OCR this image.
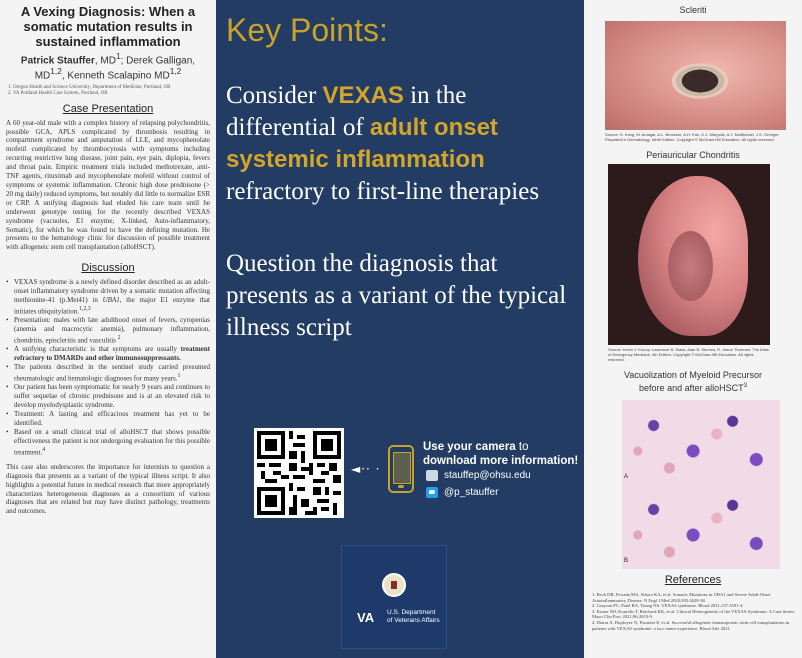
A Vexing Diagnosis: When a somatic mutation results in sustained inflammation
Patrick Stauffer, $MD^1$; Derek Galligan, MD$^{1,2}$, Kenneth Scalapino MD$^{1,2}$
1. Oregon Health and Science University, Department of Medicine, Portland, OR
2. VA Portland Health Care System, Portland, OR
Case Presentation

A 60 year-old male with a complex history of relapsing polychondritis, possible GCA, APLS complicated by thrombosis resulting in compartment syndrome and amputation of LLE, and mycophenolate mofetil complicated by thrombocytosis with symptoms including recurring restrictive lung disease, joint pain, eye pain, diplopia, fevers and throat pain. Empiric treatment trials included methotrexate, anti-TNF agents, rituximab and mycophenolate mofetil without control of symptoms or systemic inflammation. Chronic high dose prednisone (> 20 mg daily) reduced symptoms, but notably did little to normalize ESR or CRP. A unifying diagnosis had eluded his care team until he underwent genotype testing for the recently described VEXAS syndrome (vacuoles, E1 enzyme, X-linked, Auto-inflammatory, Somatic), for which he was found to have the defining mutation. He presents to the hematology clinic for discussion of possible treatment with allogeneic stem cell transplantation (alloHSCT).

Discussion
• VEXAS syndrome is a newly defined disorder described as an adult-onset inflammatory syndrome driven by a somatic mutation affecting methionine-41 (p.Met41) in UBA1, the major E1 enzyme that initiates ubiquitylation.$^{1,2,3}$
• Presentation: males with late adulthood onset of fevers, cytopenias (anemia and macrocytic anemia), pulmonary inflammation, chondritis, episcleritis and vasculitis $^2$
• A unifying characteristic is that symptoms are usually treatment refractory to DMARDs and other immunosuppressants.
• The patients described in the sentinel study carried presumed rheumatologic and hematologic diagnoses for many years.$^1$
• Our patient has been symptomatic for nearly 9 years and continues to suffer sequelae of chronic prednisone and is at an elevated risk to develop myelodysplastic syndrome.
• Treatment: A lasting and efficacious treatment has yet to be identified.
• Based on a small clinical trial of alloHSCT that shows possible effectiveness the patient is not undergoing evaluation for this possible treatment.$^4$

This case also underscores the importance for internists to question a diagnosis that presents as a variant of the typical illness script. It also highlights a potential future in medical research that more appropriately characterizes heterogeneous diagnoses as a consortium of various diagnoses that are related but may have distinct pathology, treatments and outcomes.

Key Points:
Consider VEXAS in the differential of adult onset systemic inflammation refractory to first-line therapies
Question the diagnosis that presents as a variant of the typical illness script
◄·· ·
Use your camera to
download more information!
stauffep@ohsu.edu
@p_stauffer
VA U.S. Department
of Veterans Affairs
Scleriti
Source: S. Kang, M. Amagai, A.L. Bruckner, A.H. Enk, D.J. Margolis, A.J. McMichael, J.S. Orringer: Fitzpatrick's Dermatology, Ninth Edition. Copyright © McGraw-Hill Education. All rights reserved.
Periauricular Chondritis
Source: Kevin J. Knoop, Lawrence B. Stack, Alan B. Storrow, R. Jason Thurman: The Atlas of Emergency Medicine, 4th Edition. Copyright © McGraw-Hill Education. All rights reserved.
Vacuolization of Myeloid Precursor
before and after alloHSCT$^3$
A
B
References
1. Beck DB, Ferrada MA, Sikora KA, et al. Somatic Mutations in UBA1 and Severe Adult-Onset Autoinflammatory Disease. N Engl J Med 2020;383:2628-38.
2. Grayson PC, Patel BA, Young NS. VEXAS syndrome. Blood 2021;137:3591-4.
3. Koster MJ, Kourelis T, Reichard KK, et al. Clinical Heterogeneity of the VEXAS Syndrome: A Case Series. Mayo Clin Proc 2021;96:2653-9.
4. Diarra A, Duployez N, Fournier E, et al. Successful allogeneic hematopoietic stem cell transplantation in patients with VEXAS syndrome: a two center experience. Blood Adv 2021.
